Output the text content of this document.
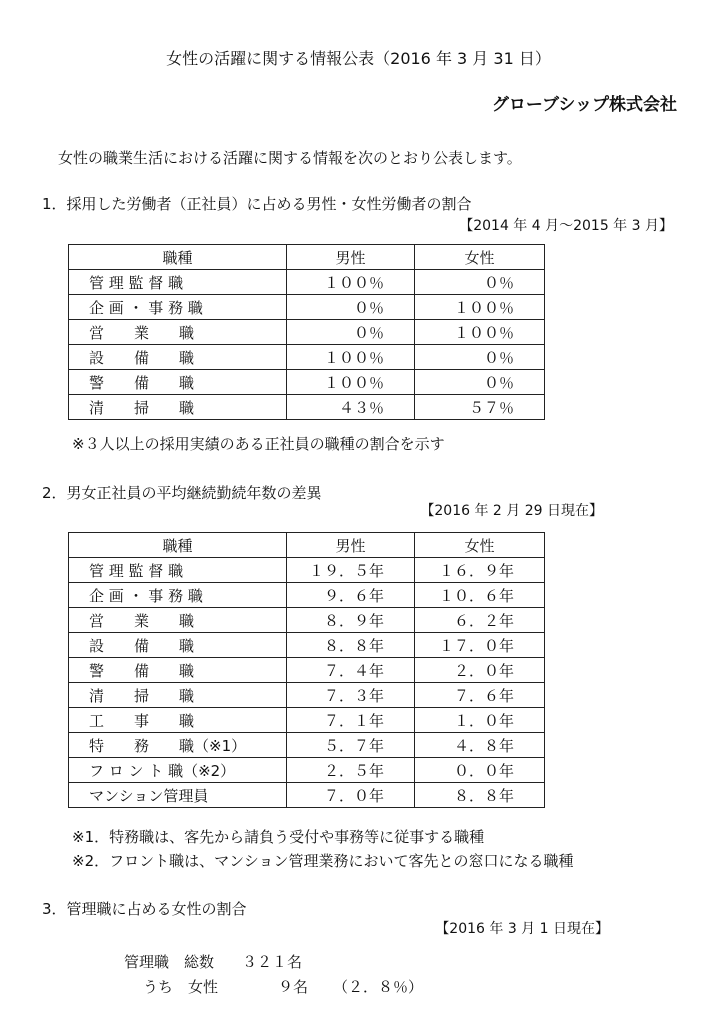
女性の活躍に関する情報公表（2016 年 3 月 31 日）
グローブシップ株式会社
女性の職業生活における活躍に関する情報を次のとおり公表します。
1．採用した労働者（正社員）に占める男性・女性労働者の割合
【2014 年 4 月～2015 年 3 月】
職種	男性	女性
管 理 監 督 職	１００％	０％
企 画 ・ 事 務 職	０％	１００％
営　　業　　職	０％	１００％
設　　備　　職	１００％	０％
警　　備　　職	１００％	０％
清　　掃　　職	４３％	５７％
※３人以上の採用実績のある正社員の職種の割合を示す
2．男女正社員の平均継続勤続年数の差異
【2016 年 2 月 29 日現在】
職種	男性	女性
管 理 監 督 職	１９．５年	１６．９年
企 画 ・ 事 務 職	９．６年	１０．６年
営　　業　　職	８．９年	６．２年
設　　備　　職	８．８年	１７．０年
警　　備　　職	７．４年	２．０年
清　　掃　　職	７．３年	７．６年
工　　事　　職	７．１年	１．０年
特　　務　　職（※1）	５．７年	４．８年
フ ロ ン ト 職（※2）	２．５年	０．０年
マンション管理員	７．０年	８．８年
※1．特務職は、客先から請負う受付や事務等に従事する職種
※2．フロント職は、マンション管理業務において客先との窓口になる職種
3．管理職に占める女性の割合
【2016 年 3 月 1 日現在】
管理職　総数 ３２１名
うち　女性	９名 （２．８％）
